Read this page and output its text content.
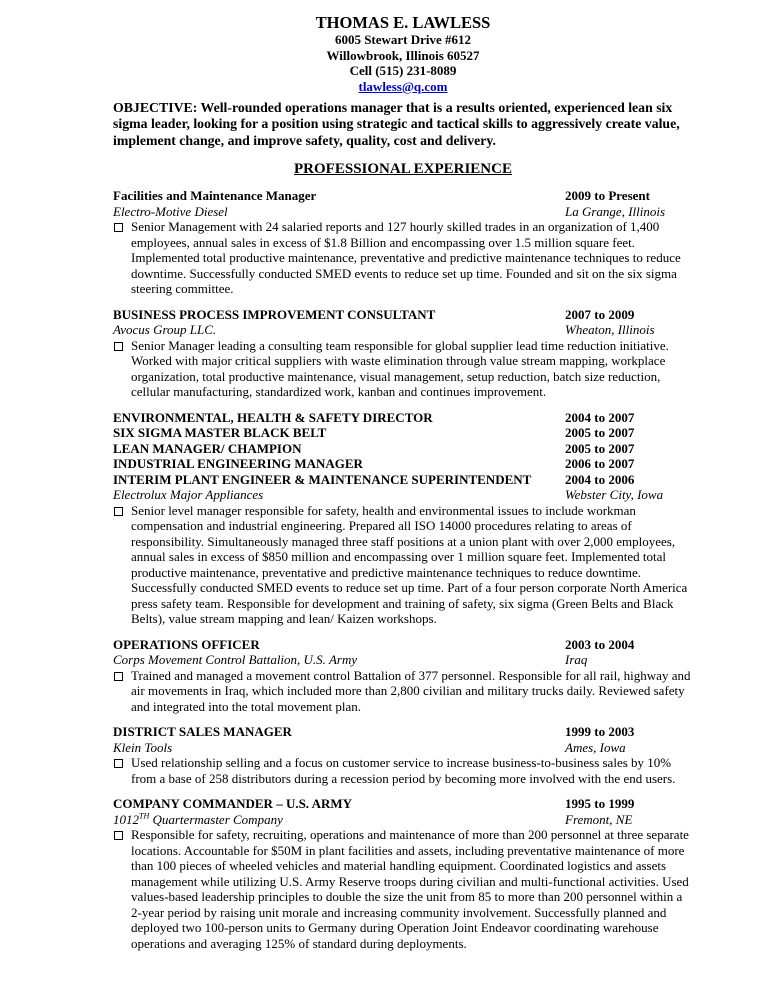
THOMAS E. LAWLESS
6005 Stewart Drive #612
Willowbrook, Illinois 60527
Cell (515) 231-8089
tlawless@q.com
OBJECTIVE: Well-rounded operations manager that is a results oriented, experienced lean six sigma leader, looking for a position using strategic and tactical skills to aggressively create value, implement change, and improve safety, quality, cost and delivery.
PROFESSIONAL EXPERIENCE
Facilities and Maintenance Manager	2009 to Present
Electro-Motive Diesel	La Grange, Illinois
Senior Management with 24 salaried reports and 127 hourly skilled trades in an organization of 1,400 employees, annual sales in excess of $1.8 Billion and encompassing over 1.5 million square feet. Implemented total productive maintenance, preventative and predictive maintenance techniques to reduce downtime. Successfully conducted SMED events to reduce set up time. Founded and sit on the six sigma steering committee.
BUSINESS PROCESS IMPROVEMENT CONSULTANT	2007 to 2009
Avocus Group LLC.	Wheaton, Illinois
Senior Manager leading a consulting team responsible for global supplier lead time reduction initiative. Worked with major critical suppliers with waste elimination through value stream mapping, workplace organization, total productive maintenance, visual management, setup reduction, batch size reduction, cellular manufacturing, standardized work, kanban and continues improvement.
ENVIRONMENTAL, HEALTH & SAFETY DIRECTOR	2004 to 2007
SIX SIGMA MASTER BLACK BELT	2005 to 2007
LEAN MANAGER/ CHAMPION	2005 to 2007
INDUSTRIAL ENGINEERING MANAGER	2006 to 2007
INTERIM PLANT ENGINEER & MAINTENANCE SUPERINTENDENT	2004 to 2006
Electrolux Major Appliances	Webster City, Iowa
Senior level manager responsible for safety, health and environmental issues to include workman compensation and industrial engineering. Prepared all ISO 14000 procedures relating to areas of responsibility. Simultaneously managed three staff positions at a union plant with over 2,000 employees, annual sales in excess of $850 million and encompassing over 1 million square feet. Implemented total productive maintenance, preventative and predictive maintenance techniques to reduce downtime. Successfully conducted SMED events to reduce set up time. Part of a four person corporate North America press safety team. Responsible for development and training of safety, six sigma (Green Belts and Black Belts), value stream mapping and lean/ Kaizen workshops.
OPERATIONS OFFICER	2003 to 2004
Corps Movement Control Battalion, U.S. Army	Iraq
Trained and managed a movement control Battalion of 377 personnel. Responsible for all rail, highway and air movements in Iraq, which included more than 2,800 civilian and military trucks daily. Reviewed safety and integrated into the total movement plan.
DISTRICT SALES MANAGER	1999 to 2003
Klein Tools	Ames, Iowa
Used relationship selling and a focus on customer service to increase business-to-business sales by 10% from a base of 258 distributors during a recession period by becoming more involved with the end users.
COMPANY COMMANDER – U.S. ARMY	1995 to 1999
1012TH Quartermaster Company	Fremont, NE
Responsible for safety, recruiting, operations and maintenance of more than 200 personnel at three separate locations. Accountable for $50M in plant facilities and assets, including preventative maintenance of more than 100 pieces of wheeled vehicles and material handling equipment. Coordinated logistics and assets management while utilizing U.S. Army Reserve troops during civilian and multi-functional activities. Used values-based leadership principles to double the size the unit from 85 to more than 200 personnel within a 2-year period by raising unit morale and increasing community involvement. Successfully planned and deployed two 100-person units to Germany during Operation Joint Endeavor coordinating warehouse operations and averaging 125% of standard during deployments.
